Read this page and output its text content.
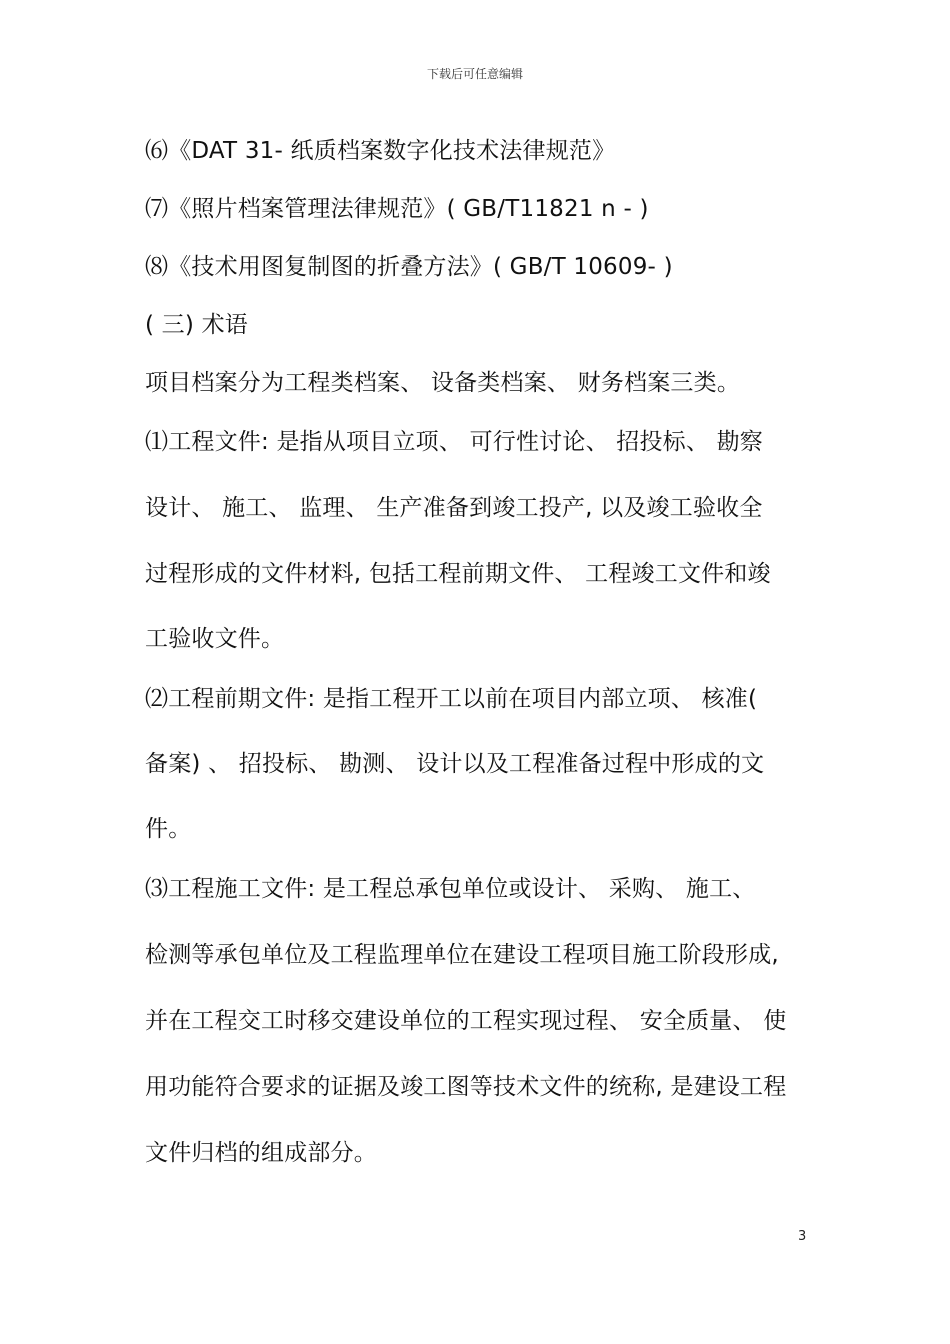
下载后可任意编辑
⑹《DAT 31- 纸质档案数字化技术法律规范》
⑺《照片档案管理法律规范》( GB/T11821 n - )
⑻《技术用图复制图的折叠方法》( GB/T 10609- )
( 三) 术语
项目档案分为工程类档案、 设备类档案、 财务档案三类。
⑴工程文件: 是指从项目立项、 可行性讨论、 招投标、 勘察
设计、 施工、 监理、 生产准备到竣工投产, 以及竣工验收全
过程形成的文件材料, 包括工程前期文件、 工程竣工文件和竣
工验收文件。
⑵工程前期文件: 是指工程开工以前在项目内部立项、 核准(
备案) 、 招投标、 勘测、 设计以及工程准备过程中形成的文
件。
⑶工程施工文件: 是工程总承包单位或设计、 采购、 施工、
检测等承包单位及工程监理单位在建设工程项目施工阶段形成,
并在工程交工时移交建设单位的工程实现过程、 安全质量、 使
用功能符合要求的证据及竣工图等技术文件的统称, 是建设工程
文件归档的组成部分。
3
